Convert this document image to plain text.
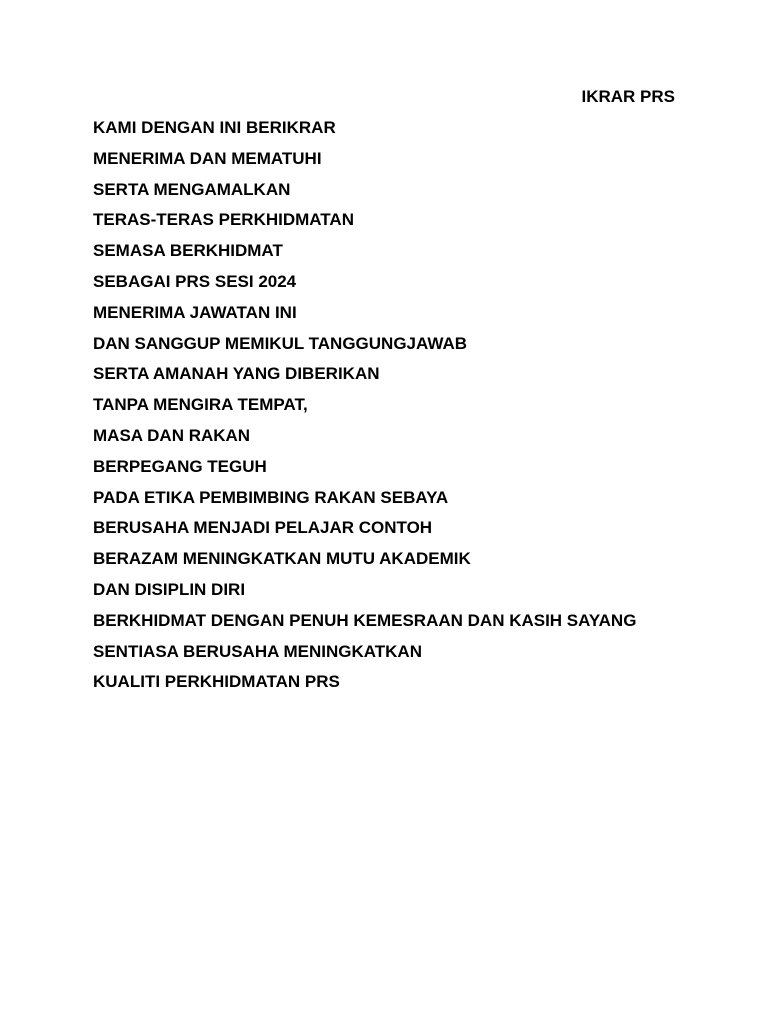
IKRAR PRS
KAMI DENGAN INI BERIKRAR
MENERIMA DAN MEMATUHI
SERTA MENGAMALKAN
TERAS-TERAS PERKHIDMATAN
SEMASA BERKHIDMAT
SEBAGAI PRS SESI 2024
MENERIMA JAWATAN INI
DAN SANGGUP MEMIKUL TANGGUNGJAWAB
SERTA AMANAH YANG DIBERIKAN
TANPA MENGIRA TEMPAT,
MASA DAN RAKAN
BERPEGANG TEGUH
PADA ETIKA PEMBIMBING RAKAN SEBAYA
BERUSAHA MENJADI PELAJAR CONTOH
BERAZAM MENINGKATKAN MUTU AKADEMIK
DAN DISIPLIN DIRI
BERKHIDMAT DENGAN PENUH KEMESRAAN DAN KASIH SAYANG
SENTIASA BERUSAHA MENINGKATKAN
KUALITI PERKHIDMATAN PRS
